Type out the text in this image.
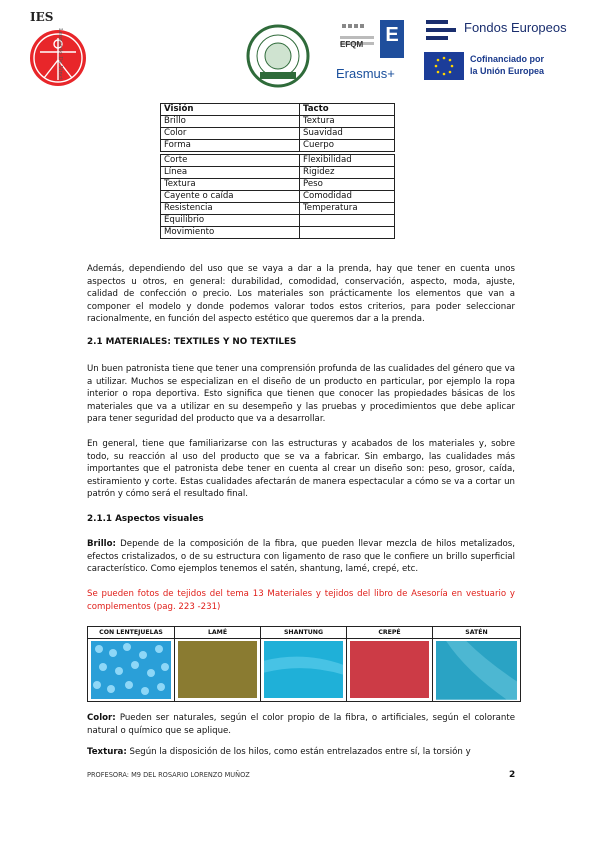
IES
Leonardo Da Vinci	EFQM E
Erasmus+
Fondos Europeos
Cofinanciado por
la Unión Europea
Visión	Tacto
Brillo	Textura
Color	Suavidad
Forma	Cuerpo

Corte	Flexibilidad
Línea	Rigidez
Textura	Peso
Cayente o caída	Comodidad
Resistencia	Temperatura
Equilibrio	
Movimiento	
Además, dependiendo del uso que se vaya a dar a la prenda, hay que tener en cuenta unos aspectos u otros, en general: durabilidad, comodidad, conservación, aspecto, moda, ajuste, calidad de confección o precio. Los materiales son prácticamente los elementos que van a componer el modelo y donde podemos valorar todos estos criterios, para poder seleccionar racionalmente, en función del aspecto estético que queremos dar a la prenda.
2.1 MATERIALES: TEXTILES Y NO TEXTILES
Un buen patronista tiene que tener una comprensión profunda de las cualidades del género que va a utilizar. Muchos se especializan en el diseño de un producto en particular, por ejemplo la ropa interior o ropa deportiva. Esto significa que tienen que conocer las propiedades básicas de los materiales que va a utilizar en su desempeño y las pruebas y procedimientos que debe aplicar para tener seguridad del producto que va a desarrollar.
En general, tiene que familiarizarse con las estructuras y acabados de los materiales y, sobre todo, su reacción al uso del producto que se va a fabricar. Sin embargo, las cualidades más importantes que el patronista debe tener en cuenta al crear un diseño son: peso, grosor, caída, estiramiento y corte. Estas cualidades afectarán de manera espectacular a cómo se va a cortar un patrón y cómo será el resultado final.
2.1.1 Aspectos visuales
Brillo: Depende de la composición de la fibra, que pueden llevar mezcla de hilos metalizados, efectos cristalizados, o de su estructura con ligamento de raso que le confiere un brillo superficial característico. Como ejemplos tenemos el satén, shantung, lamé, crepé, etc.
Se pueden fotos de tejidos del tema 13 Materiales y tejidos del libro de Asesoría en vestuario y complementos (pag. 223 -231)
CON LENTEJUELAS	LAMÉ	SHANTUNG	CREPÉ	SATÉN
Color: Pueden ser naturales, según el color propio de la fibra, o artificiales, según el colorante natural o químico que se aplique.
Textura: Según la disposición de los hilos, como están entrelazados entre sí, la torsión y
PROFESORA: M9 DEL ROSARIO LORENZO MUÑOZ	2
